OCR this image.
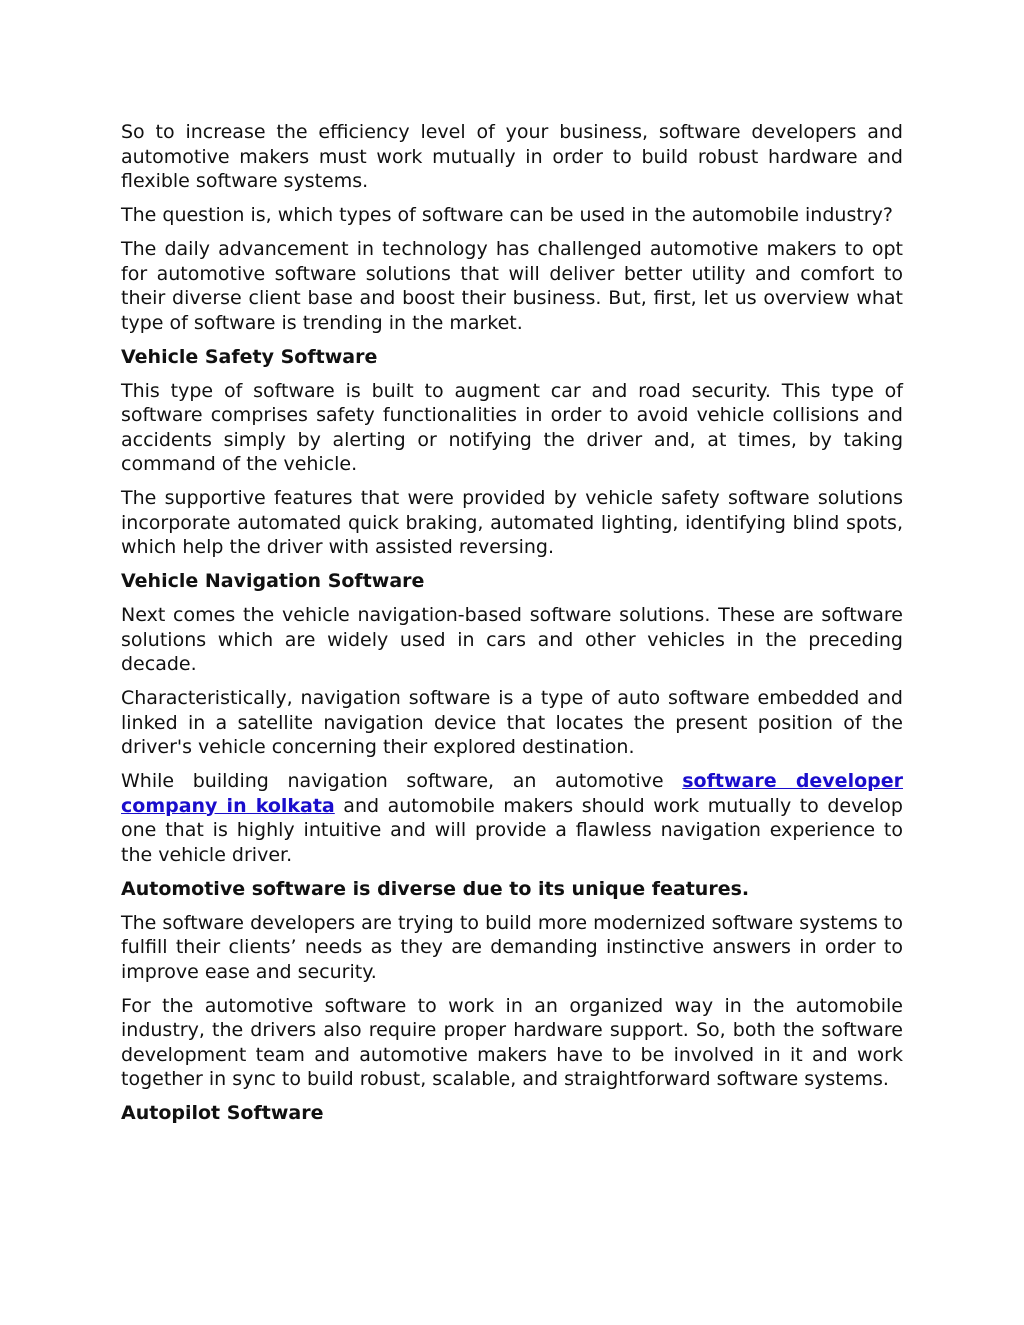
So to increase the efficiency level of your business, software developers and automotive makers must work mutually in order to build robust hardware and flexible software systems.

The question is, which types of software can be used in the automobile industry?

The daily advancement in technology has challenged automotive makers to opt for automotive software solutions that will deliver better utility and comfort to their diverse client base and boost their business. But, first, let us overview what type of software is trending in the market.

Vehicle Safety Software

This type of software is built to augment car and road security. This type of software comprises safety functionalities in order to avoid vehicle collisions and accidents simply by alerting or notifying the driver and, at times, by taking command of the vehicle.

The supportive features that were provided by vehicle safety software solutions incorporate automated quick braking, automated lighting, identifying blind spots, which help the driver with assisted reversing.

Vehicle Navigation Software

Next comes the vehicle navigation-based software solutions. These are software solutions which are widely used in cars and other vehicles in the preceding decade.

Characteristically, navigation software is a type of auto software embedded and linked in a satellite navigation device that locates the present position of the driver's vehicle concerning their explored destination.

While building navigation software, an automotive software developer company in kolkata and automobile makers should work mutually to develop one that is highly intuitive and will provide a flawless navigation experience to the vehicle driver.

Automotive software is diverse due to its unique features.

The software developers are trying to build more modernized software systems to fulfill their clients’ needs as they are demanding instinctive answers in order to improve ease and security.

For the automotive software to work in an organized way in the automobile industry, the drivers also require proper hardware support. So, both the software development team and automotive makers have to be involved in it and work together in sync to build robust, scalable, and straightforward software systems.

Autopilot Software
